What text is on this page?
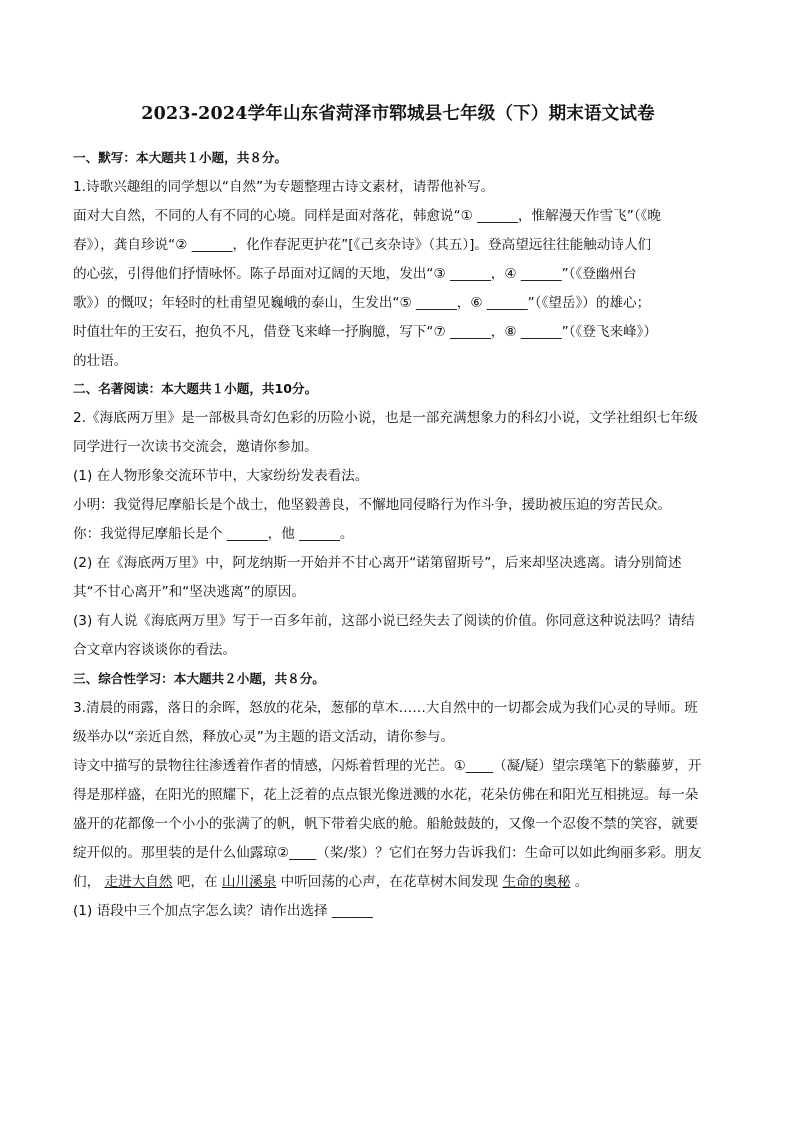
2023-2024学年山东省菏泽市郓城县七年级（下）期末语文试卷
一、默写：本大题共１小题，共８分。
1.诗歌兴趣组的同学想以“自然”为专题整理古诗文素材，请帮他补写。
面对大自然，不同的人有不同的心境。同样是面对落花，韩愈说“① ______，惟解漫天作雪飞”（《晚
春》），龚自珍说“② ______，化作春泥更护花”[《己亥杂诗》（其五）]。登高望远往往能触动诗人们
的心弦，引得他们抒情咏怀。陈子昂面对辽阔的天地，发出“③ ______，④ ______”（《登幽州台
歌》）的慨叹；年轻时的杜甫望见巍峨的泰山，生发出“⑤ ______，⑥ ______”（《望岳》）的雄心；
时值壮年的王安石，抱负不凡，借登飞来峰一抒胸臆，写下“⑦ ______，⑧ ______”（《登飞来峰》）
的壮语。
二、名著阅读：本大题共１小题，共10分。
2.《海底两万里》是一部极具奇幻色彩的历险小说，也是一部充满想象力的科幻小说，文学社组织七年级
同学进行一次读书交流会，邀请你参加。
(1) 在人物形象交流环节中，大家纷纷发表看法。
小明：我觉得尼摩船长是个战士，他坚毅善良，不懈地同侵略行为作斗争，援助被压迫的穷苦民众。
你：我觉得尼摩船长是个 ______，他 ______。
(2) 在《海底两万里》中，阿龙纳斯一开始并不甘心离开“诺第留斯号”，后来却坚决逃离。请分别简述
其“不甘心离开”和“坚决逃离”的原因。
(3) 有人说《海底两万里》写于一百多年前，这部小说已经失去了阅读的价值。你同意这种说法吗？请结
合文章内容谈谈你的看法。
三、综合性学习：本大题共２小题，共８分。
3.清晨的雨露，落日的余晖，怒放的花朵，葱郁的草木……大自然中的一切都会成为我们心灵的导师。班
级举办以“亲近自然，释放心灵”为主题的语文活动，请你参与。
诗文中描写的景物往往渗透着作者的情感，闪烁着哲理的光芒。①____（凝/疑）望宗璞笔下的紫藤萝，开
得是那样盛，在阳光的照耀下，花上泛着的点点银光像迸溅的水花，花朵仿佛在和阳光互相挑逗。每一朵
盛开的花都像一个小小的张满了的帆，帆下带着尖底的舱。船舱鼓鼓的，又像一个忍俊不禁的笑容，就要
绽开似的。那里装的是什么仙露琼②____（桨/浆）？它们在努力告诉我们：生命可以如此绚丽多彩。朋友
们， 走进大自然 吧，在 山川溪泉 中听回荡的心声，在花草树木间发现 生命的奥秘 。
(1) 语段中三个加点字怎么读？请作出选择 ______
